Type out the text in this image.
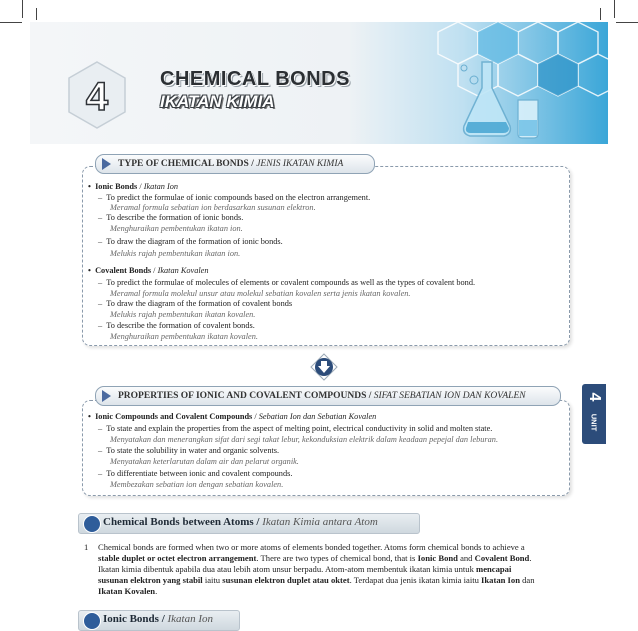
4	CHEMICAL BONDS
IKATAN KIMIA
TYPE OF CHEMICAL BONDS / JENIS IKATAN KIMIA
•  Ionic Bonds / Ikatan Ion
–  To predict the formulae of ionic compounds based on the electron arrangement.
Meramal formula sebatian ion berdasarkan susunan elektron.
–  To describe the formation of ionic bonds.
Menghuraikan pembentukan ikatan ion.
–  To draw the diagram of the formation of ionic bonds.
Melukis rajah pembentukan ikatan ion.
•  Covalent Bonds / Ikatan Kovalen
–  To predict the formulae of molecules of elements or covalent compounds as well as the types of covalent bond.
Meramal formula molekul unsur atau molekul sebatian kovalen serta jenis ikatan kovalen.
–  To draw the diagram of the formation of covalent bonds
Melukis rajah pembentukan ikatan kovalen.
–  To describe the formation of covalent bonds.
Menghuraikan pembentukan ikatan kovalen.
PROPERTIES OF IONIC AND COVALENT COMPOUNDS / SIFAT SEBATIAN ION DAN KOVALEN
•  Ionic Compounds and Covalent Compounds / Sebatian Ion dan Sebatian Kovalen
–  To state and explain the properties from the aspect of melting point, electrical conductivity in solid and molten state.
Menyatakan dan menerangkan sifat dari segi takat lebur, kekonduksian elektrik dalam keadaan pepejal dan leburan.
–  To state the solubility in water and organic solvents.
Menyatakan keterlarutan dalam air dan pelarut organik.
–  To differentiate between ionic and covalent compounds.
Membezakan sebatian ion dengan sebatian kovalen.
4
UNIT
Chemical Bonds between Atoms / Ikatan Kimia antara Atom
1 Chemical bonds are formed when two or more atoms of elements bonded together. Atoms form chemical bonds to achieve a
stable duplet or octet electron arrangement. There are two types of chemical bond, that is Ionic Bond and Covalent Bond.
Ikatan kimia dibentuk apabila dua atau lebih atom unsur berpadu. Atom-atom membentuk ikatan kimia untuk mencapai
susunan elektron yang stabil iaitu susunan elektron duplet atau oktet. Terdapat dua jenis ikatan kimia iaitu Ikatan Ion dan
Ikatan Kovalen.
Ionic Bonds / Ikatan Ion
